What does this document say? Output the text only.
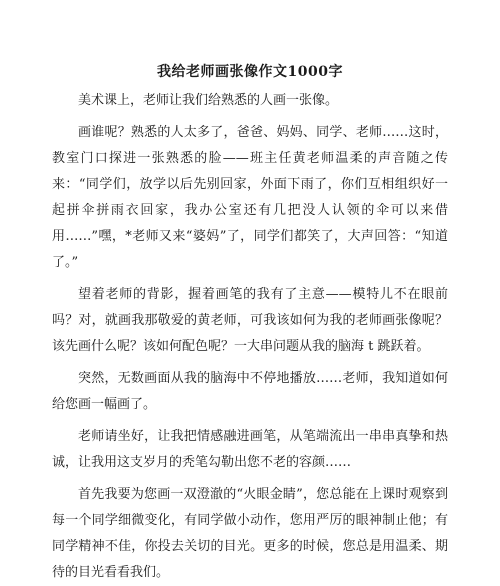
我给老师画张像作文1000字
美术课上，老师让我们给熟悉的人画一张像。
画谁呢？熟悉的人太多了，爸爸、妈妈、同学、老师……这时，教室门口探进一张熟悉的脸——班主任黄老师温柔的声音随之传来：“同学们，放学以后先别回家，外面下雨了，你们互相组织好一起拼伞拼雨衣回家，我办公室还有几把没人认领的伞可以来借用……”嘿，*老师又来“婆妈”了，同学们都笑了，大声回答：“知道了。”
望着老师的背影，握着画笔的我有了主意——模特儿不在眼前吗？对，就画我那敬爱的黄老师，可我该如何为我的老师画张像呢？该先画什么呢？该如何配色呢？一大串问题从我的脑海 t 跳跃着。
突然，无数画面从我的脑海中不停地播放……老师，我知道如何给您画一幅画了。
老师请坐好，让我把情感融进画笔，从笔端流出一串串真挚和热诚，让我用这支岁月的秃笔勾勒出您不老的容颜……
首先我要为您画一双澄澈的“火眼金睛”，您总能在上课时观察到每一个同学细微变化，有同学做小动作，您用严厉的眼神制止他；有同学精神不佳，你投去关切的目光。更多的时候，您总是用温柔、期待的目光看看我们。
